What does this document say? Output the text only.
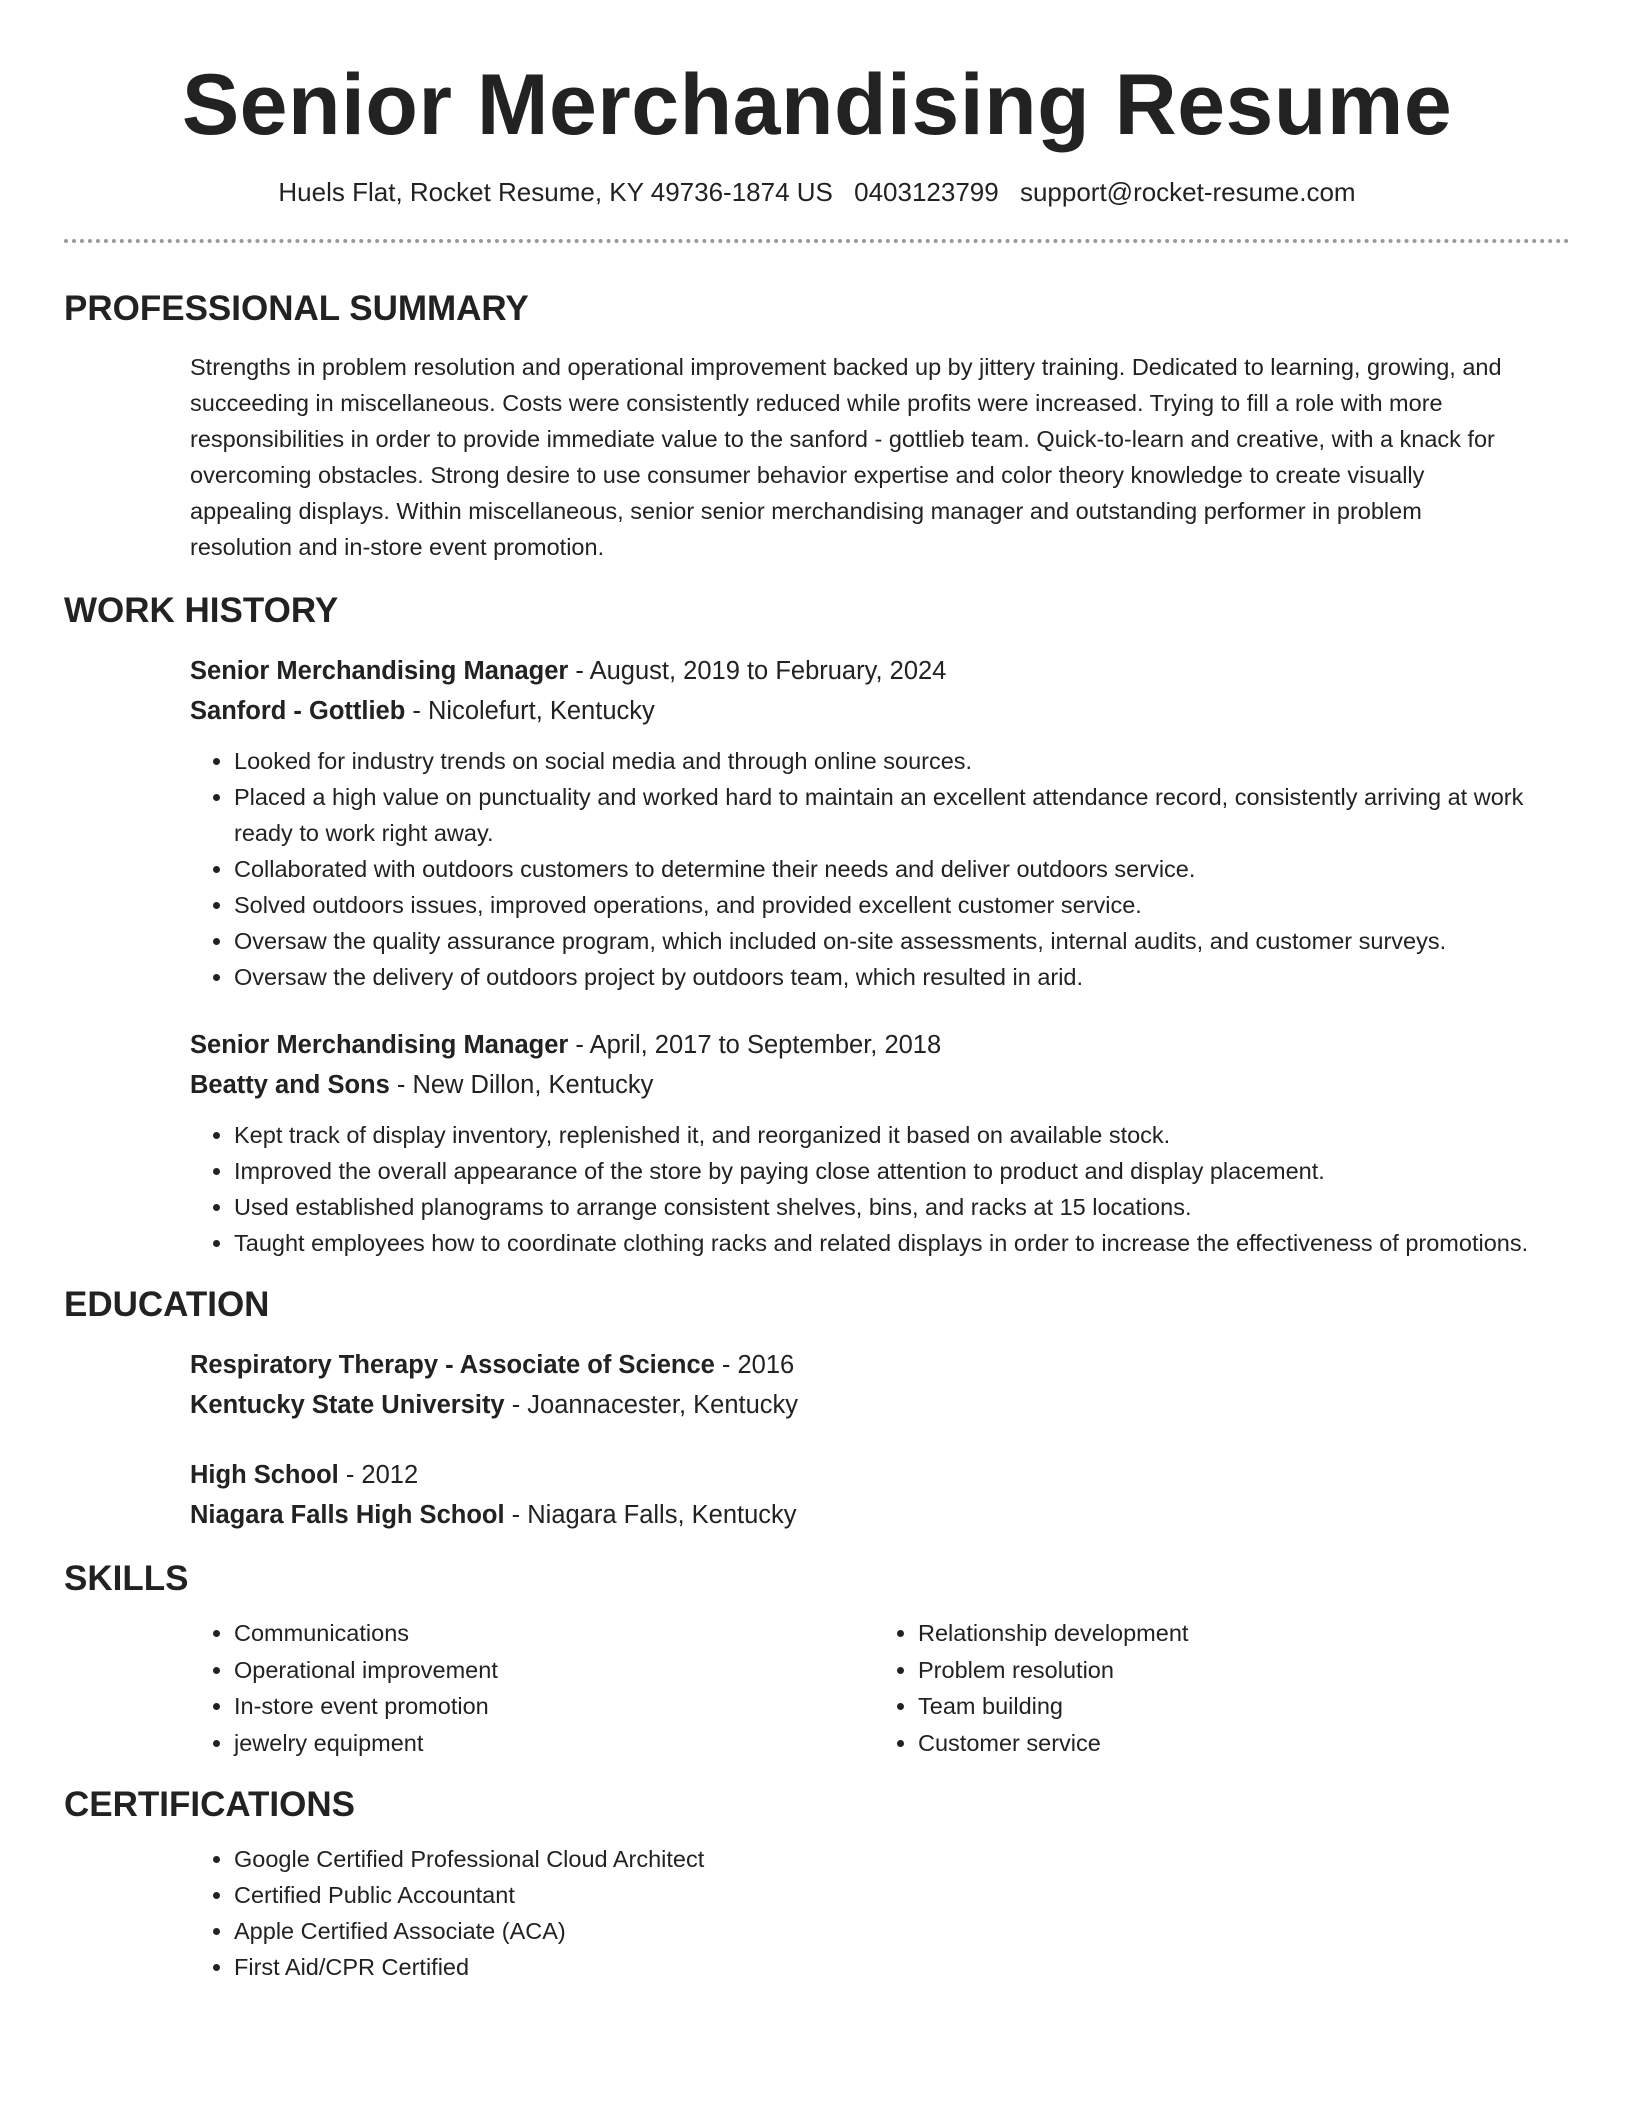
Senior Merchandising Resume
Huels Flat, Rocket Resume, KY 49736-1874 US 0403123799 support@rocket-resume.com
PROFESSIONAL SUMMARY
Strengths in problem resolution and operational improvement backed up by jittery training. Dedicated to learning, growing, and succeeding in miscellaneous. Costs were consistently reduced while profits were increased. Trying to fill a role with more responsibilities in order to provide immediate value to the sanford - gottlieb team. Quick-to-learn and creative, with a knack for overcoming obstacles. Strong desire to use consumer behavior expertise and color theory knowledge to create visually appealing displays. Within miscellaneous, senior senior merchandising manager and outstanding performer in problem resolution and in-store event promotion.
WORK HISTORY
Senior Merchandising Manager - August, 2019 to February, 2024
Sanford - Gottlieb - Nicolefurt, Kentucky
• Looked for industry trends on social media and through online sources.
• Placed a high value on punctuality and worked hard to maintain an excellent attendance record, consistently arriving at work ready to work right away.
• Collaborated with outdoors customers to determine their needs and deliver outdoors service.
• Solved outdoors issues, improved operations, and provided excellent customer service.
• Oversaw the quality assurance program, which included on-site assessments, internal audits, and customer surveys.
• Oversaw the delivery of outdoors project by outdoors team, which resulted in arid.
Senior Merchandising Manager - April, 2017 to September, 2018
Beatty and Sons - New Dillon, Kentucky
• Kept track of display inventory, replenished it, and reorganized it based on available stock.
• Improved the overall appearance of the store by paying close attention to product and display placement.
• Used established planograms to arrange consistent shelves, bins, and racks at 15 locations.
• Taught employees how to coordinate clothing racks and related displays in order to increase the effectiveness of promotions.
EDUCATION
Respiratory Therapy - Associate of Science - 2016
Kentucky State University - Joannacester, Kentucky
High School - 2012
Niagara Falls High School - Niagara Falls, Kentucky
SKILLS
• Communications
• Operational improvement
• In-store event promotion
• jewelry equipment
• Relationship development
• Problem resolution
• Team building
• Customer service
CERTIFICATIONS
• Google Certified Professional Cloud Architect
• Certified Public Accountant
• Apple Certified Associate (ACA)
• First Aid/CPR Certified
